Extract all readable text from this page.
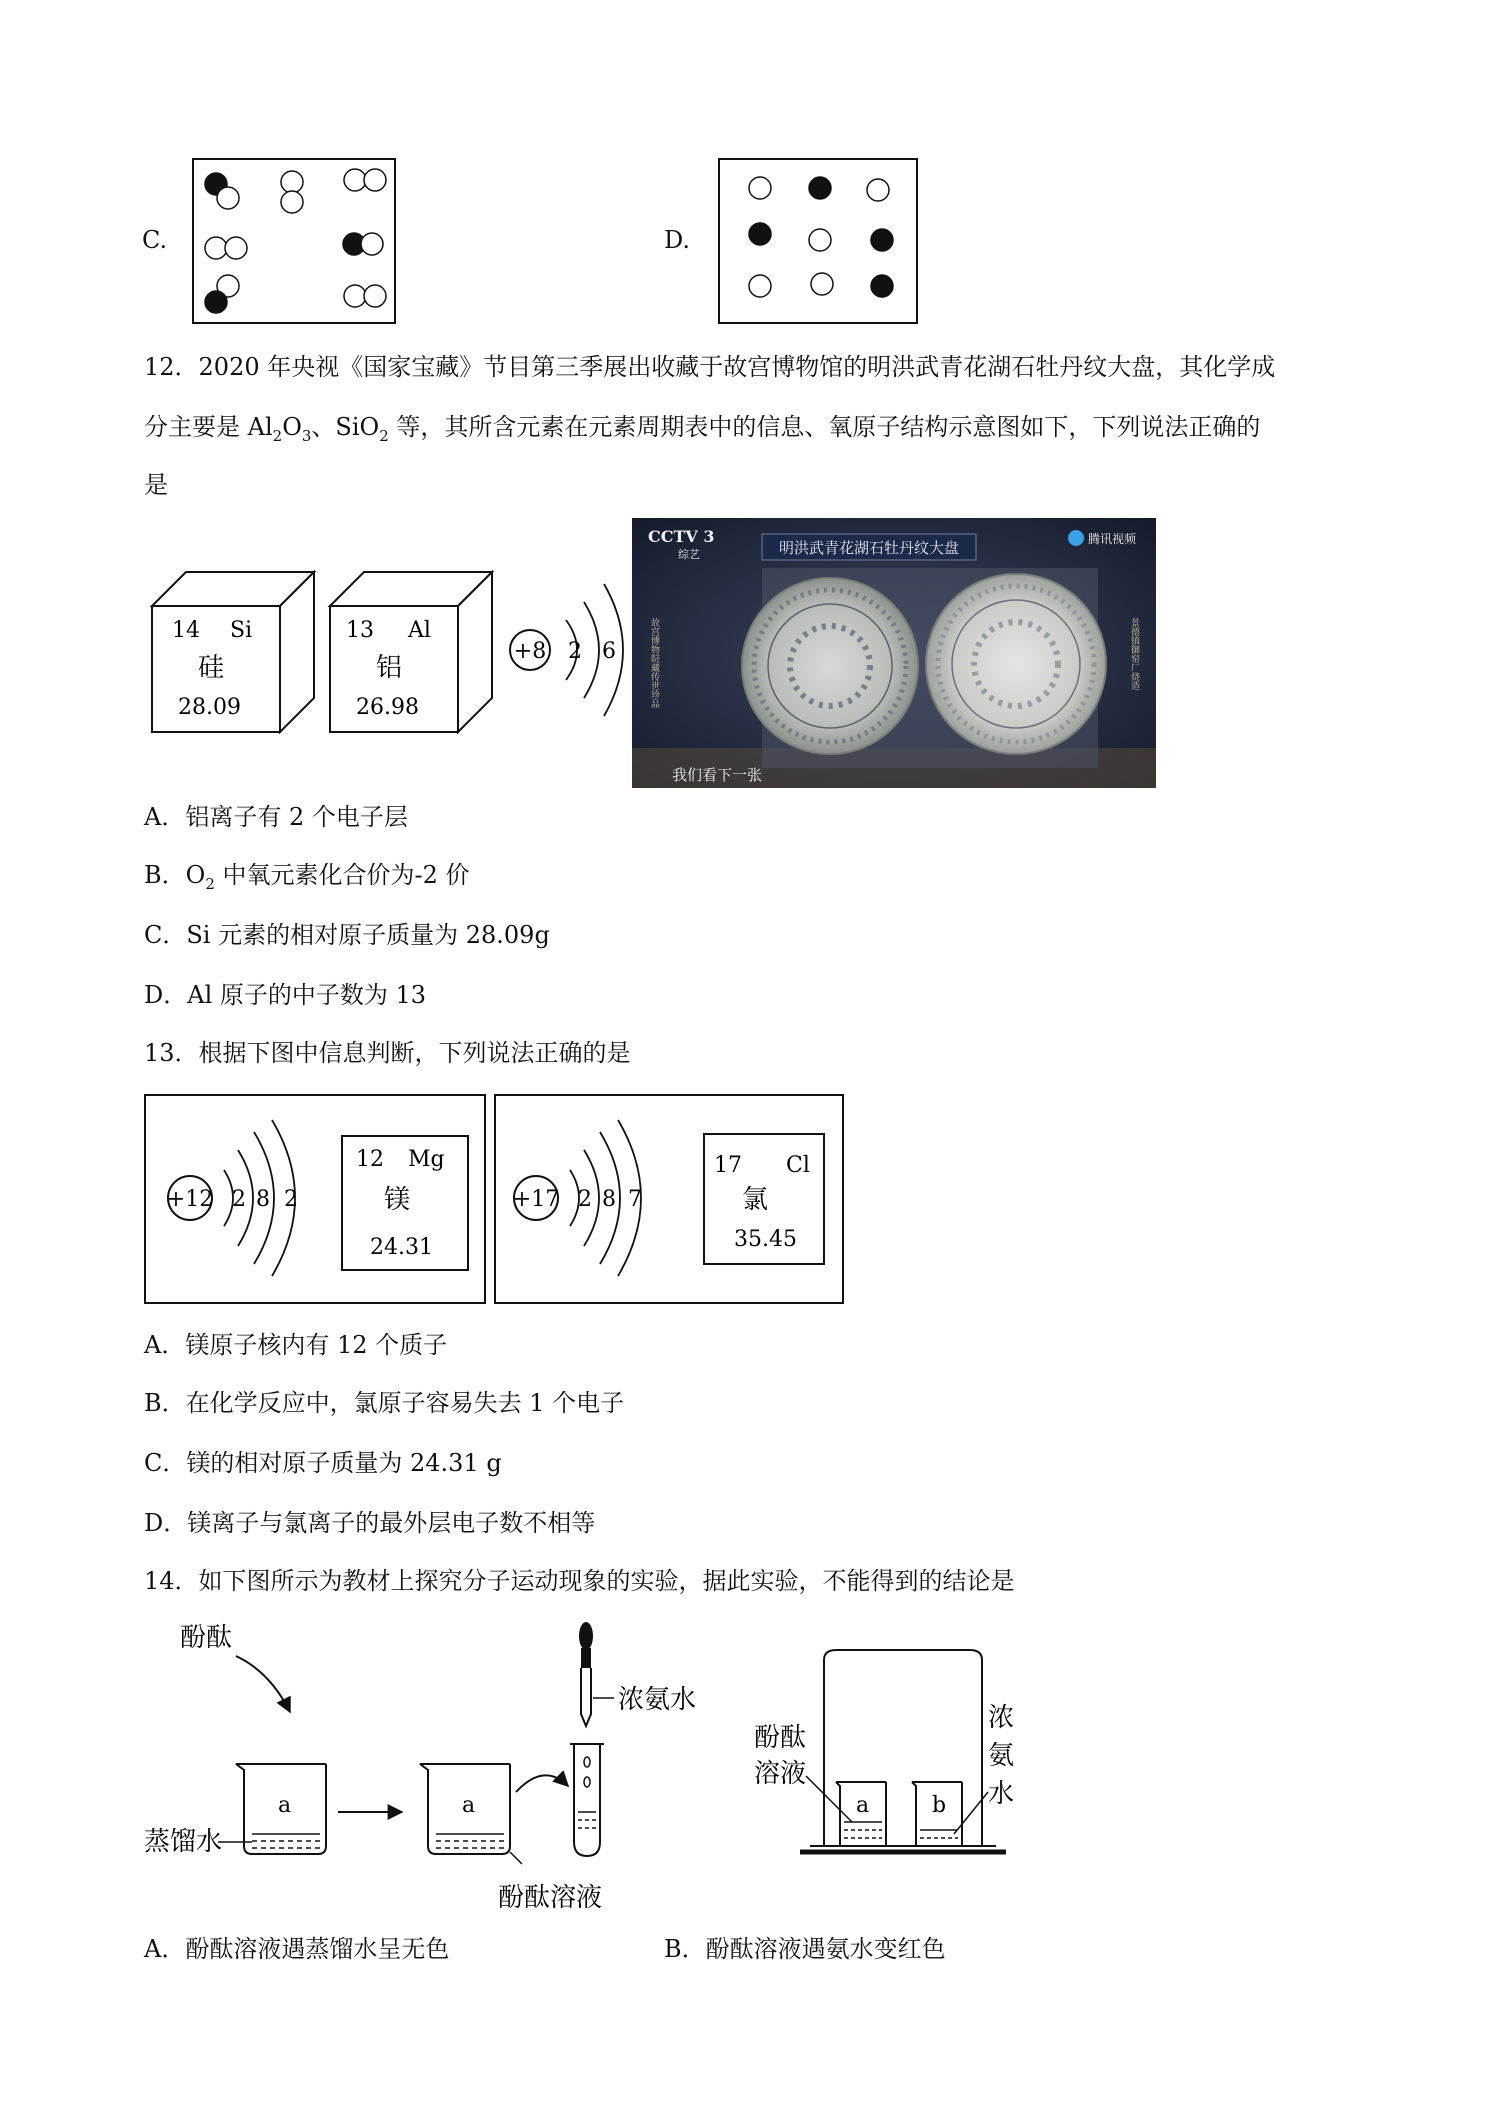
C.	D.
12．2020 年央视《国家宝藏》节目第三季展出收藏于故宫博物馆的明洪武青花湖石牡丹纹大盘，其化学成
分主要是 $Al_2O_3$、SiO$_2$ 等，其所含元素在元素周期表中的信息、氧原子结构示意图如下，下列说法正确的
是
14 Si
硅
28.09
13 Al
铝
26.98
+8 2 6
明洪武青花湖石牡丹纹大盘
CCTV 3
综艺
腾讯视频
故宫博物院藏传世珍品	景德镇御窑厂烧造
我们看下一张
A．铝离子有 2 个电子层
B．$O_2$ 中氧元素化合价为-2 价
C．Si 元素的相对原子质量为 28.09g
D．Al 原子的中子数为 13
13．根据下图中信息判断，下列说法正确的是
+12 2 8 2
12 Mg
镁
24.31
+17 2 8 7
17 Cl
氯
35.45
A．镁原子核内有 12 个质子
B．在化学反应中，氯原子容易失去 1 个电子
C．镁的相对原子质量为 24.31 g
D．镁离子与氯离子的最外层电子数不相等
14．如下图所示为教材上探究分子运动现象的实验，据此实验，不能得到的结论是
酚酞
a
蒸馏水
a
浓氨水
酚酞溶液
a	b
酚酞
溶液
浓
氨
水
A．酚酞溶液遇蒸馏水呈无色	B．酚酞溶液遇氨水变红色
